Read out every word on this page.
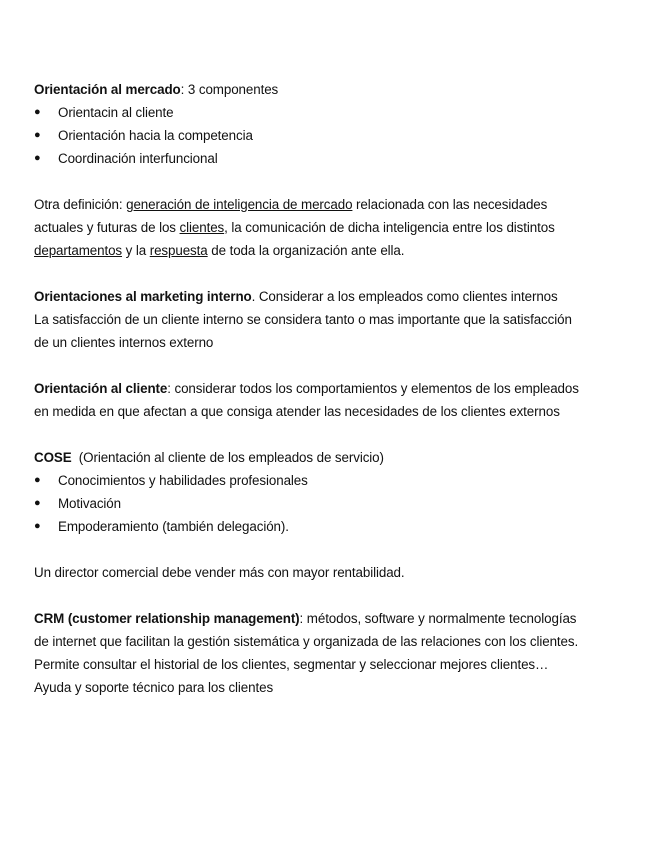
Orientación al mercado: 3 componentes
● Orientacin al cliente
● Orientación hacia la competencia
● Coordinación interfuncional
Otra definición: generación de inteligencia de mercado relacionada con las necesidades
actuales y futuras de los clientes, la comunicación de dicha inteligencia entre los distintos
departamentos y la respuesta de toda la organización ante ella.
Orientaciones al marketing interno. Considerar a los empleados como clientes internos
La satisfacción de un cliente interno se considera tanto o mas importante que la satisfacción
de un clientes internos externo
Orientación al cliente: considerar todos los comportamientos y elementos de los empleados
en medida en que afectan a que consiga atender las necesidades de los clientes externos
COSE  (Orientación al cliente de los empleados de servicio)
● Conocimientos y habilidades profesionales
● Motivación
● Empoderamiento (también delegación).
Un director comercial debe vender más con mayor rentabilidad.
CRM (customer relationship management): métodos, software y normalmente tecnologías
de internet que facilitan la gestión sistemática y organizada de las relaciones con los clientes.
Permite consultar el historial de los clientes, segmentar y seleccionar mejores clientes…
Ayuda y soporte técnico para los clientes
